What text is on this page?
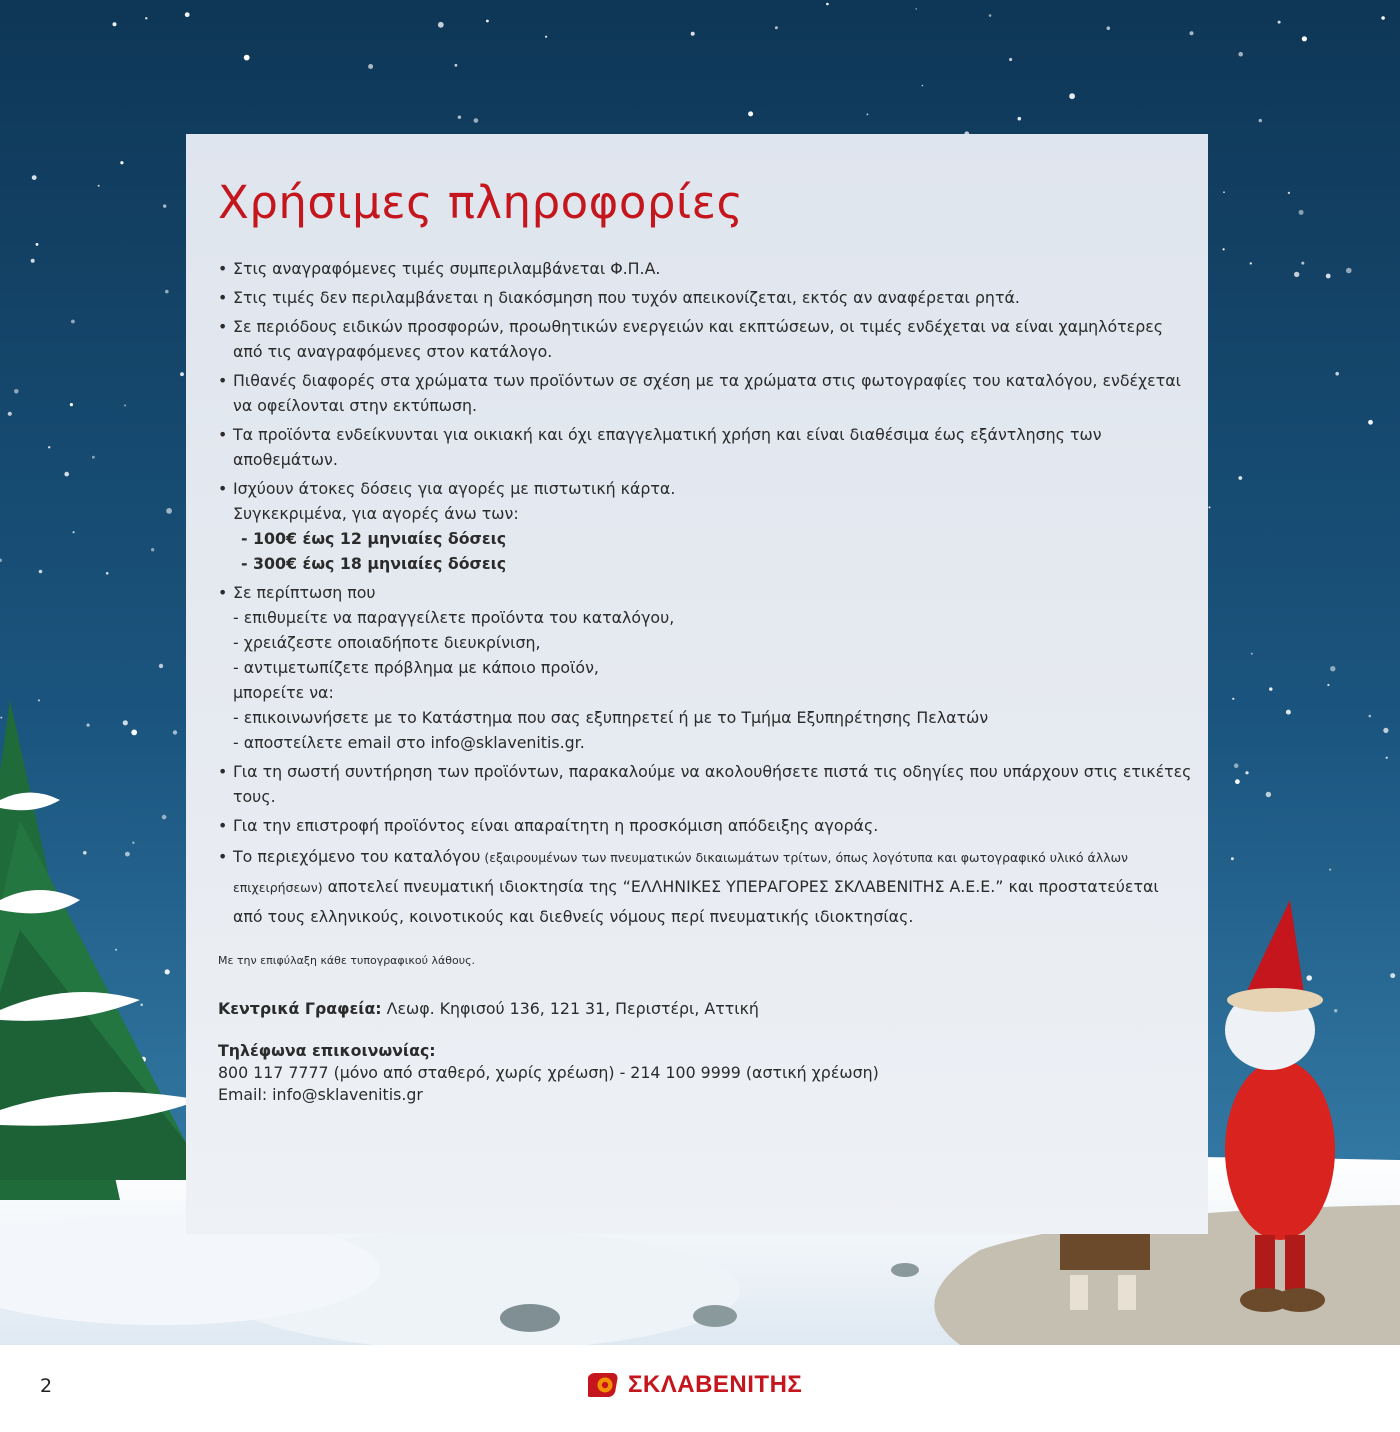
Χρήσιμες πληροφορίες
• Στις αναγραφόμενες τιμές συμπεριλαμβάνεται Φ.Π.Α.
• Στις τιμές δεν περιλαμβάνεται η διακόσμηση που τυχόν απεικονίζεται, εκτός αν αναφέρεται ρητά.
• Σε περιόδους ειδικών προσφορών, προωθητικών ενεργειών και εκπτώσεων, οι τιμές ενδέχεται να είναι χαμηλότερες από τις αναγραφόμενες στον κατάλογο.
• Πιθανές διαφορές στα χρώματα των προϊόντων σε σχέση με τα χρώματα στις φωτογραφίες του καταλόγου, ενδέχεται να οφείλονται στην εκτύπωση.
• Τα προϊόντα ενδείκνυνται για οικιακή και όχι επαγγελματική χρήση και είναι διαθέσιμα έως εξάντλησης των αποθεμάτων.
• Ισχύουν άτοκες δόσεις για αγορές με πιστωτική κάρτα.
Συγκεκριμένα, για αγορές άνω των:
- 100€ έως 12 μηνιαίες δόσεις
- 300€ έως 18 μηνιαίες δόσεις
• Σε περίπτωση που
- επιθυμείτε να παραγγείλετε προϊόντα του καταλόγου,
- χρειάζεστε οποιαδήποτε διευκρίνιση,
- αντιμετωπίζετε πρόβλημα με κάποιο προϊόν,
μπορείτε να:
- επικοινωνήσετε με το Κατάστημα που σας εξυπηρετεί ή με το Τμήμα Εξυπηρέτησης Πελατών
- αποστείλετε email στο info@sklavenitis.gr.
• Για τη σωστή συντήρηση των προϊόντων, παρακαλούμε να ακολουθήσετε πιστά τις οδηγίες που υπάρχουν στις ετικέτες τους.
• Για την επιστροφή προϊόντος είναι απαραίτητη η προσκόμιση απόδειξης αγοράς.
• Το περιεχόμενο του καταλόγου (εξαιρουμένων των πνευματικών δικαιωμάτων τρίτων, όπως λογότυπα και φωτογραφικό υλικό άλλων επιχειρήσεων) αποτελεί πνευματική ιδιοκτησία της “ΕΛΛΗΝΙΚΕΣ ΥΠΕΡΑΓΟΡΕΣ ΣΚΛΑΒΕΝΙΤΗΣ Α.Ε.Ε.” και προστατεύεται από τους ελληνικούς, κοινοτικούς και διεθνείς νόμους περί πνευματικής ιδιοκτησίας.
Με την επιφύλαξη κάθε τυπογραφικού λάθους.
Κεντρικά Γραφεία: Λεωφ. Κηφισού 136, 121 31, Περιστέρι, Αττική
Τηλέφωνα επικοινωνίας:
800 117 7777 (μόνο από σταθερό, χωρίς χρέωση) - 214 100 9999 (αστική χρέωση)
Email: info@sklavenitis.gr
2	ΣΚΛΑΒΕΝΙΤΗΣ
